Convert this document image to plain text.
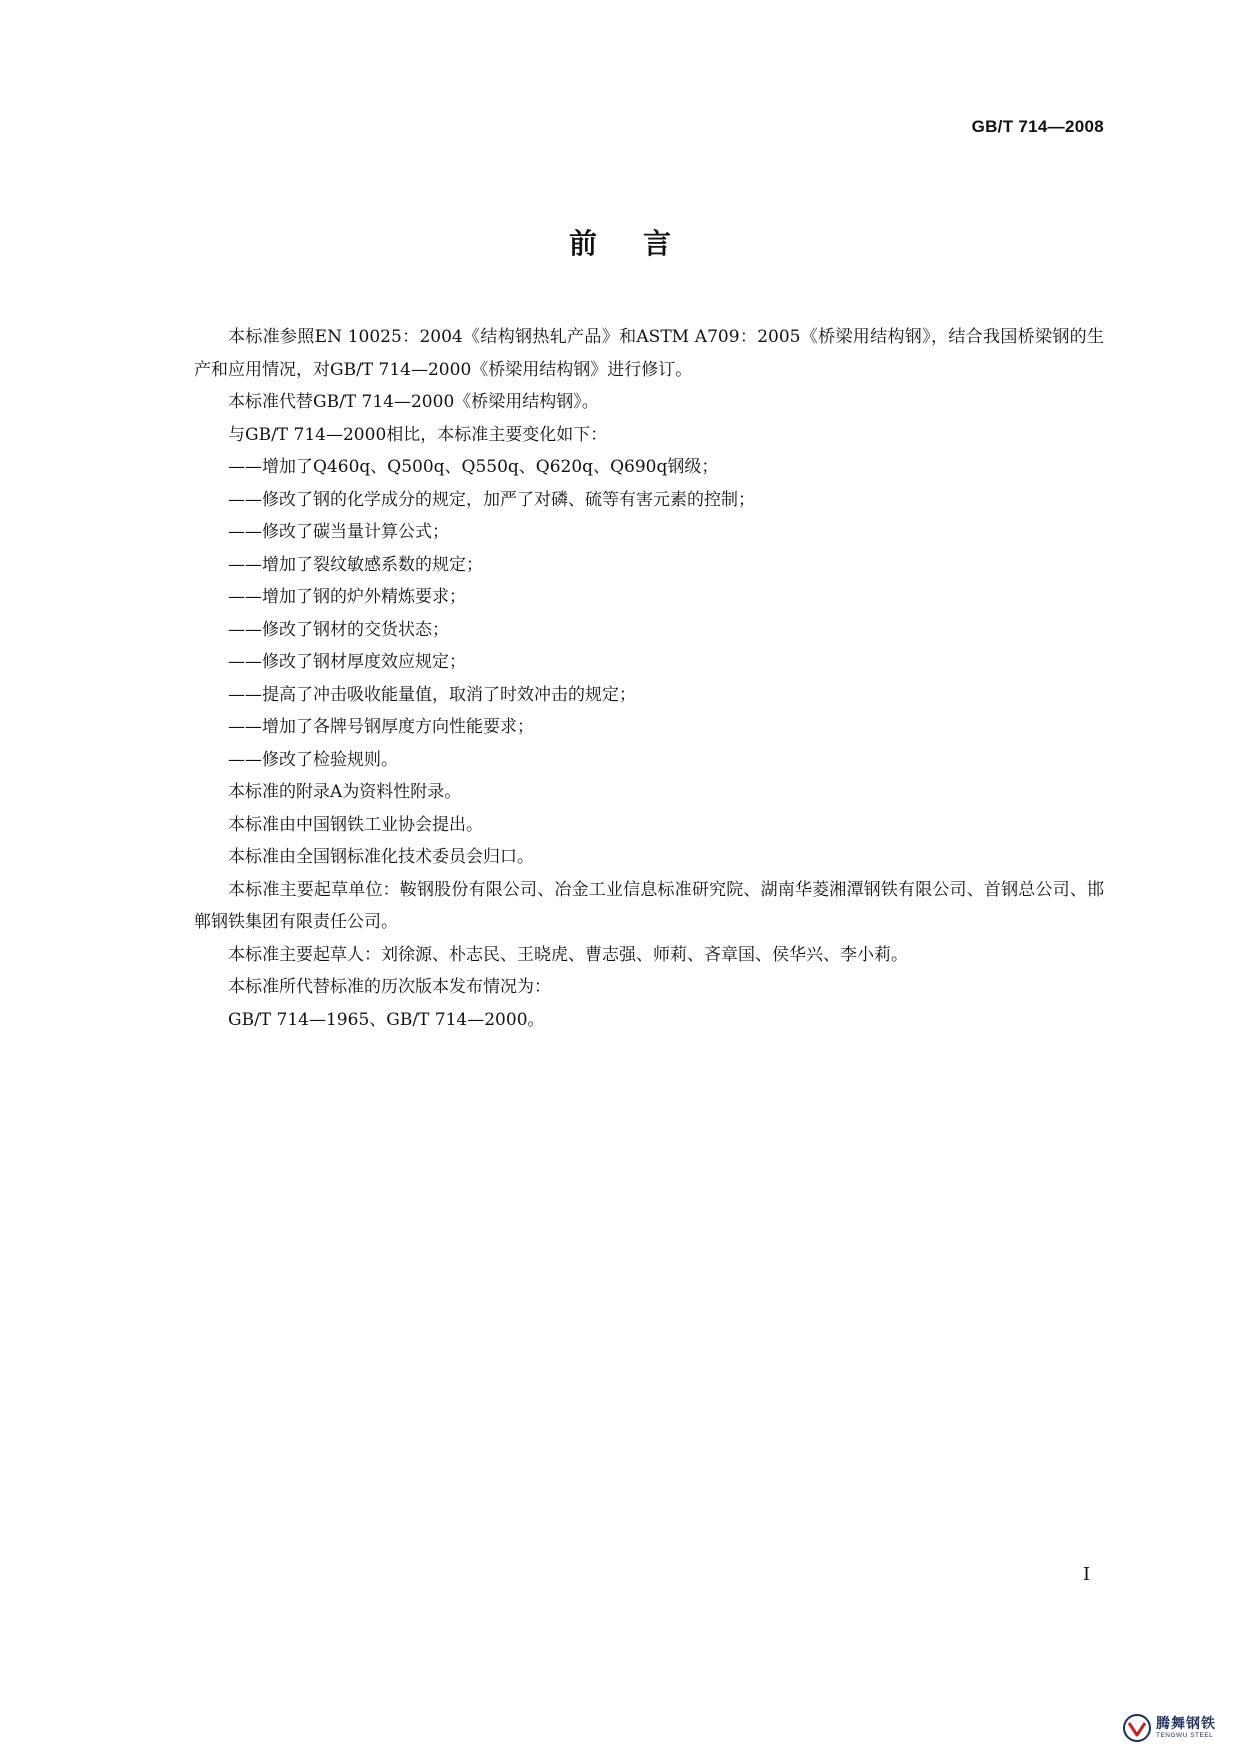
GB/T 714—2008
前言

本标准参照EN 10025：2004《结构钢热轧产品》和ASTM A709：2005《桥梁用结构钢》，结合我国桥梁钢的生产和应用情况，对GB/T 714—2000《桥梁用结构钢》进行修订。

本标准代替GB/T 714—2000《桥梁用结构钢》。

与GB/T 714—2000相比，本标准主要变化如下：

——增加了Q460q、Q500q、Q550q、Q620q、Q690q钢级；

——修改了钢的化学成分的规定，加严了对磷、硫等有害元素的控制；

——修改了碳当量计算公式；

——增加了裂纹敏感系数的规定；

——增加了钢的炉外精炼要求；

——修改了钢材的交货状态；

——修改了钢材厚度效应规定；

——提高了冲击吸收能量值，取消了时效冲击的规定；

——增加了各牌号钢厚度方向性能要求；

——修改了检验规则。

本标准的附录A为资料性附录。

本标准由中国钢铁工业协会提出。

本标准由全国钢标准化技术委员会归口。

本标准主要起草单位：鞍钢股份有限公司、冶金工业信息标准研究院、湖南华菱湘潭钢铁有限公司、首钢总公司、邯郸钢铁集团有限责任公司。

本标准主要起草人：刘徐源、朴志民、王晓虎、曹志强、师莉、吝章国、侯华兴、李小莉。

本标准所代替标准的历次版本发布情况为：

GB/T 714—1965、GB/T 714—2000。

I
腾舞钢铁
TENGWU STEEL
